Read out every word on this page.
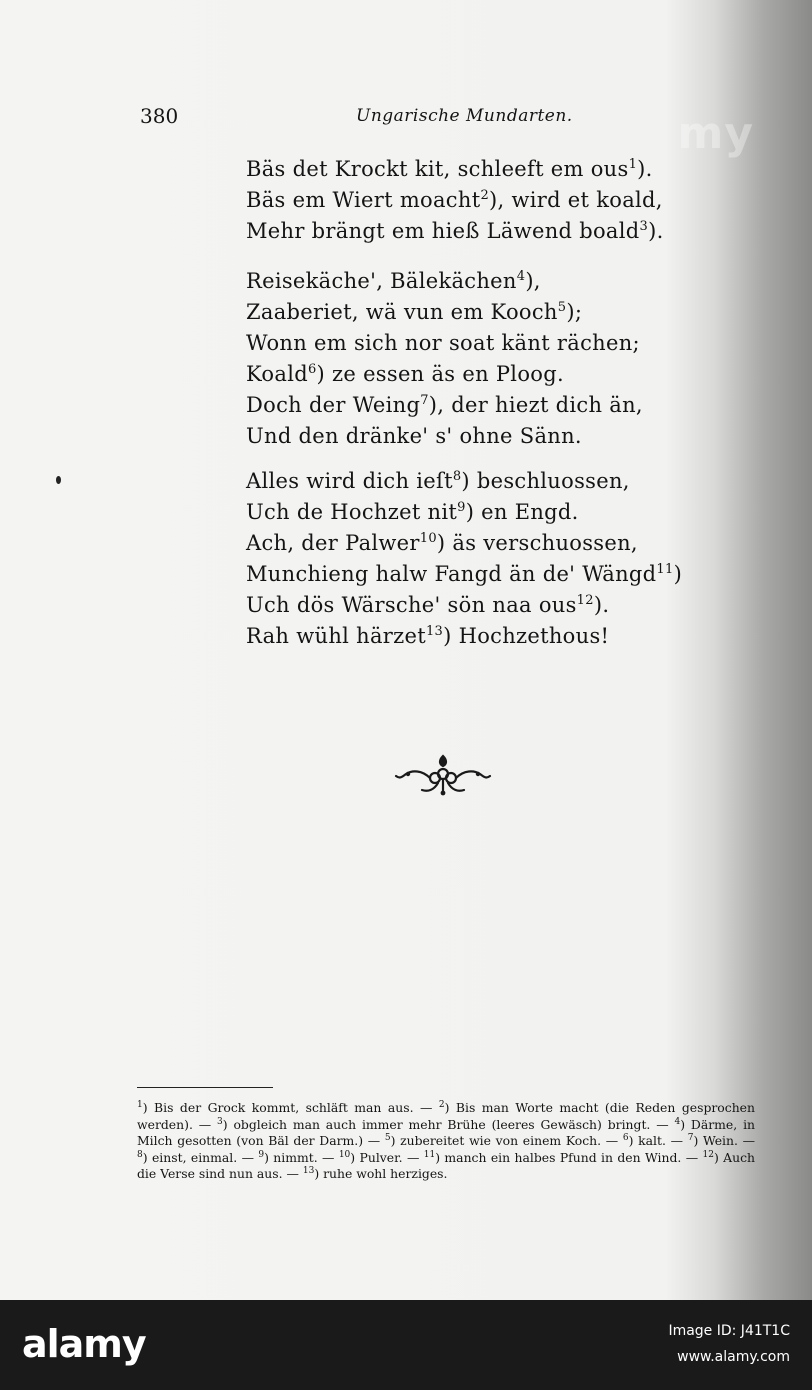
my
380	Ungarische Mundarten.
Bäs det Krockt kit, schleeft em ous$^1$).
Bäs em Wiert moacht$^2$), wird et koald,
Mehr brängt em hieß Läwend boald$^3$).
Reisekäche', Bälekächen$^4$),
Zaaberiet, wä vun em Kooch$^5$);
Wonn em sich nor soat känt rächen;
Koald$^6$) ze essen äs en Ploog.
Doch der Weing$^7$), der hiezt dich än,
Und den dränke' s' ohne Sänn.
Alles wird dich ieſt$^8$) beschluossen,
Uch de Hochzet nit$^9$) en Engd.
Ach, der Palwer$^{10}$) äs verschuossen,
Munchieng halw Fangd än de' Wängd$^{11}$)
Uch dös Wärsche' sön naa ous$^{12}$).
Rah wühl härzet$^{13}$) Hochzethous!
$^1$) Bis der Grock kommt, schläft man aus. — $^2$) Bis man Worte macht (die Reden gesprochen werden). — $^3$) obgleich man auch immer mehr Brühe (leeres Gewäsch) bringt. — $^4$) Därme, in Milch gesotten (von Bäl der Darm.) — $^5$) zubereitet wie von einem Koch. — $^6$) kalt. — $^7$) Wein. — $^8$) einst, einmal. — $^9$) nimmt. — $^{10}$) Pulver. — $^{11}$) manch ein halbes Pfund in den Wind. — $^{12}$) Auch die Verse sind nun aus. — $^{13}$) ruhe wohl herziges.
alamy	Image ID: J41T1C
www.alamy.com
